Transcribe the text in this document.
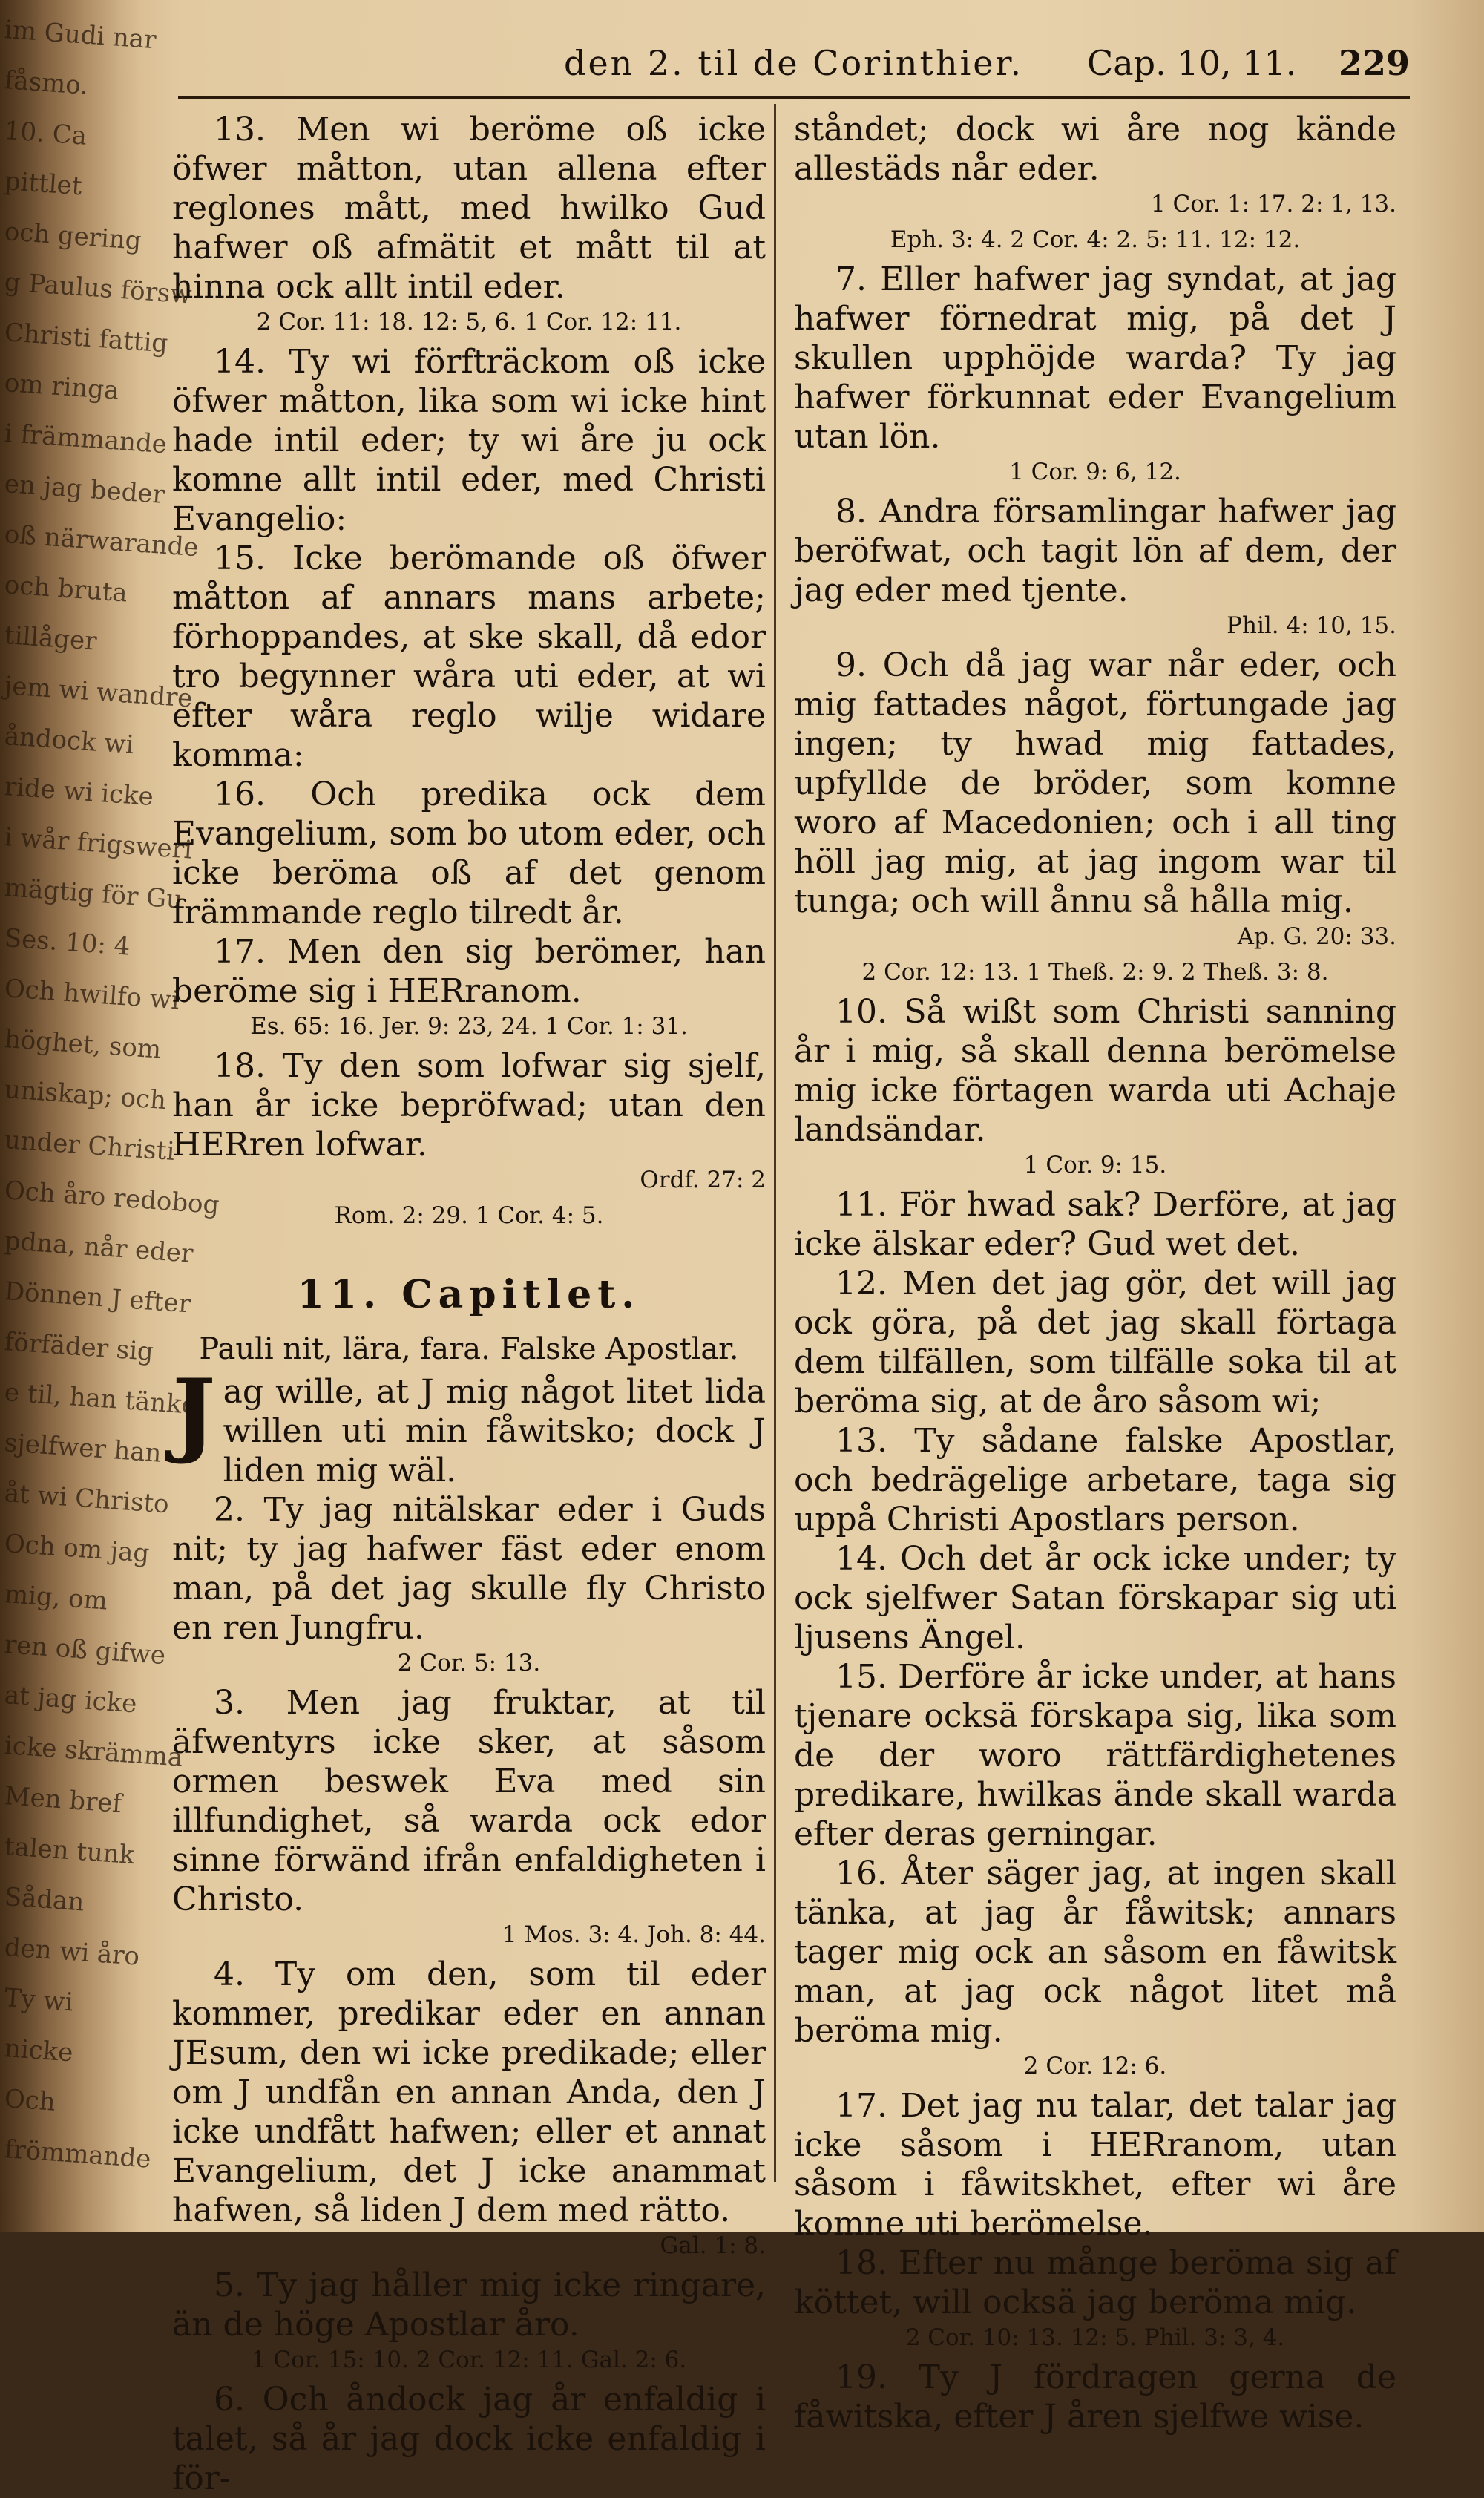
im Gudi nar
fåsmo.
10. Ca
pittlet
och gering
g Paulus försw
Christi fattig
om ringa
i främmande
en jag beder
oß närwarande
och bruta
tillåger
jem wi wandre
åndock wi
ride wi icke
i wår frigsweri
mägtig för Gu
Ses. 10: 4
Och hwilfo wi
höghet, som
uniskap; och
under Christi
Och åro redobog
pdna, når eder
Dönnen J efter
förfäder sig
e til, han tänke
sjelfwer han
åt wi Christo
Och om jag
mig, om
ren oß gifwe
at jag icke
icke skrämma
Men bref
talen tunk
Sådan
den wi åro
Ty wi
nicke
Och
frömmande
den 2. til de Corinthier. Cap. 10, 11. 229

13. Men wi beröme oß icke öfwer måtton, utan allena efter reglones mått, med hwilko Gud hafwer oß afmätit et mått til at hinna ock allt intil eder.

2 Cor. 11: 18. 12: 5, 6. 1 Cor. 12: 11.

14. Ty wi förfträckom oß icke öfwer måtton, lika som wi icke hint hade intil eder; ty wi åre ju ock komne allt intil eder, med Christi Evangelio:

15. Icke berömande oß öfwer måtton af annars mans arbete; förhoppandes, at ske skall, då edor tro begynner wåra uti eder, at wi efter wåra reglo wilje widare komma:

16. Och predika ock dem Evangelium, som bo utom eder, och icke beröma oß af det genom främmande reglo tilredt år.

17. Men den sig berömer, han beröme sig i HERranom.

Es. 65: 16. Jer. 9: 23, 24. 1 Cor. 1: 31.

18. Ty den som lofwar sig sjelf, han år icke bepröfwad; utan den HERren lofwar.

Ordf. 27: 2

Rom. 2: 29. 1 Cor. 4: 5.

11. Capitlet.
Pauli nit, lära, fara. Falske Apostlar.

Jag wille, at J mig något litet lida willen uti min fåwitsko; dock J liden mig wäl.

2. Ty jag nitälskar eder i Guds nit; ty jag hafwer fäst eder enom man, på det jag skulle fly Christo en ren Jungfru.

2 Cor. 5: 13.

3. Men jag fruktar, at til äfwentyrs icke sker, at såsom ormen beswek Eva med sin illfundighet, så warda ock edor sinne förwänd ifrån enfaldigheten i Christo.

1 Mos. 3: 4. Joh. 8: 44.

4. Ty om den, som til eder kommer, predikar eder en annan JEsum, den wi icke predikade; eller om J undfån en annan Anda, den J icke undfått hafwen; eller et annat Evangelium, det J icke anammat hafwen, så liden J dem med rätto.

Gal. 1: 8.

5. Ty jag håller mig icke ringare, än de höge Apostlar åro.

1 Cor. 15: 10. 2 Cor. 12: 11. Gal. 2: 6.

6. Och åndock jag år enfaldig i talet, så år jag dock icke enfaldig i för-

ståndet; dock wi åre nog kände allestäds når eder.

1 Cor. 1: 17. 2: 1, 13.

Eph. 3: 4. 2 Cor. 4: 2. 5: 11. 12: 12.

7. Eller hafwer jag syndat, at jag hafwer förnedrat mig, på det J skullen upphöjde warda? Ty jag hafwer förkunnat eder Evangelium utan lön.

1 Cor. 9: 6, 12.

8. Andra församlingar hafwer jag beröfwat, och tagit lön af dem, der jag eder med tjente.

Phil. 4: 10, 15.

9. Och då jag war når eder, och mig fattades något, förtungade jag ingen; ty hwad mig fattades, upfyllde de bröder, som komne woro af Macedonien; och i all ting höll jag mig, at jag ingom war til tunga; och will ånnu så hålla mig.

Ap. G. 20: 33.

2 Cor. 12: 13. 1 Theß. 2: 9. 2 Theß. 3: 8.

10. Så wißt som Christi sanning år i mig, så skall denna berömelse mig icke förtagen warda uti Achaje landsändar.

1 Cor. 9: 15.

11. För hwad sak? Derföre, at jag icke älskar eder? Gud wet det.

12. Men det jag gör, det will jag ock göra, på det jag skall förtaga dem tilfällen, som tilfälle soka til at beröma sig, at de åro såsom wi;

13. Ty sådane falske Apostlar, och bedrägelige arbetare, taga sig uppå Christi Apostlars person.

14. Och det år ock icke under; ty ock sjelfwer Satan förskapar sig uti ljusens Ängel.

15. Derföre år icke under, at hans tjenare ocksä förskapa sig, lika som de der woro rättfärdighetenes predikare, hwilkas ände skall warda efter deras gerningar.

16. Åter säger jag, at ingen skall tänka, at jag år fåwitsk; annars tager mig ock an såsom en fåwitsk man, at jag ock något litet må beröma mig.

2 Cor. 12: 6.

17. Det jag nu talar, det talar jag icke såsom i HERranom, utan såsom i fåwitskhet, efter wi åre komne uti berömelse.

18. Efter nu månge beröma sig af köttet, will ocksä jag beröma mig.

2 Cor. 10: 13. 12: 5. Phil. 3: 3, 4.

19. Ty J fördragen gerna de fåwitska, efter J åren sjelfwe wise.
